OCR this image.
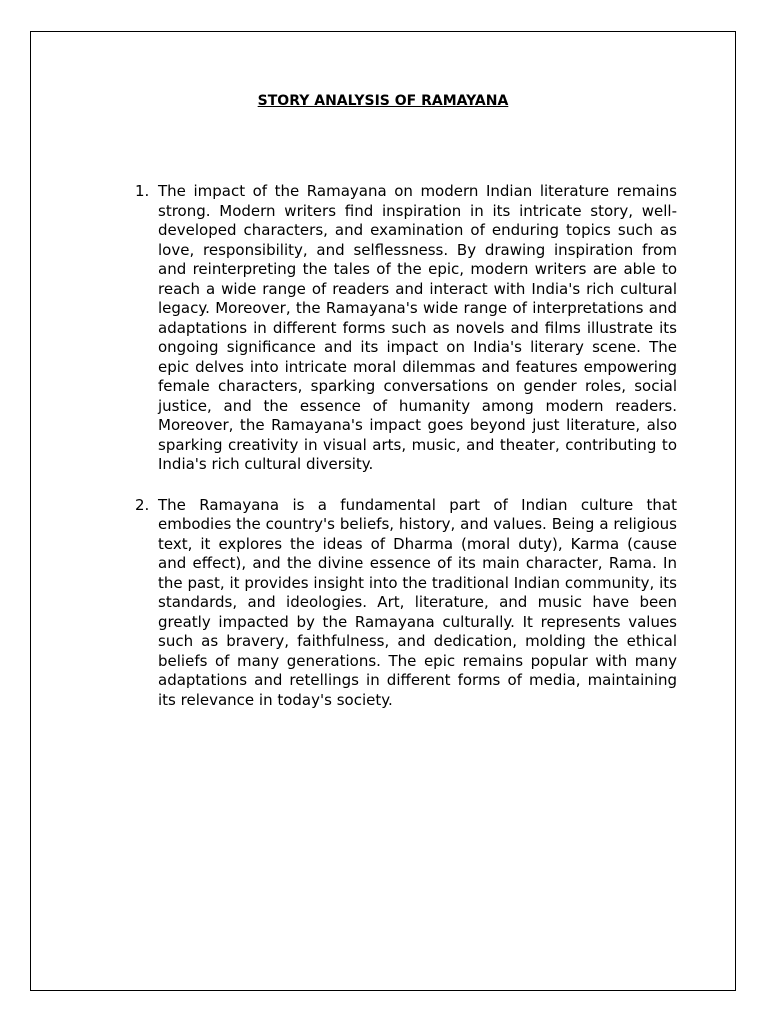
STORY ANALYSIS OF RAMAYANA
1. The impact of the Ramayana on modern Indian literature remains strong. Modern writers find inspiration in its intricate story, well-developed characters, and examination of enduring topics such as love, responsibility, and selflessness. By drawing inspiration from and reinterpreting the tales of the epic, modern writers are able to reach a wide range of readers and interact with India's rich cultural legacy. Moreover, the Ramayana's wide range of interpretations and adaptations in different forms such as novels and films illustrate its ongoing significance and its impact on India's literary scene. The epic delves into intricate moral dilemmas and features empowering female characters, sparking conversations on gender roles, social justice, and the essence of humanity among modern readers. Moreover, the Ramayana's impact goes beyond just literature, also sparking creativity in visual arts, music, and theater, contributing to India's rich cultural diversity.
2. The Ramayana is a fundamental part of Indian culture that embodies the country's beliefs, history, and values. Being a religious text, it explores the ideas of Dharma (moral duty), Karma (cause and effect), and the divine essence of its main character, Rama. In the past, it provides insight into the traditional Indian community, its standards, and ideologies. Art, literature, and music have been greatly impacted by the Ramayana culturally. It represents values such as bravery, faithfulness, and dedication, molding the ethical beliefs of many generations. The epic remains popular with many adaptations and retellings in different forms of media, maintaining its relevance in today's society.
